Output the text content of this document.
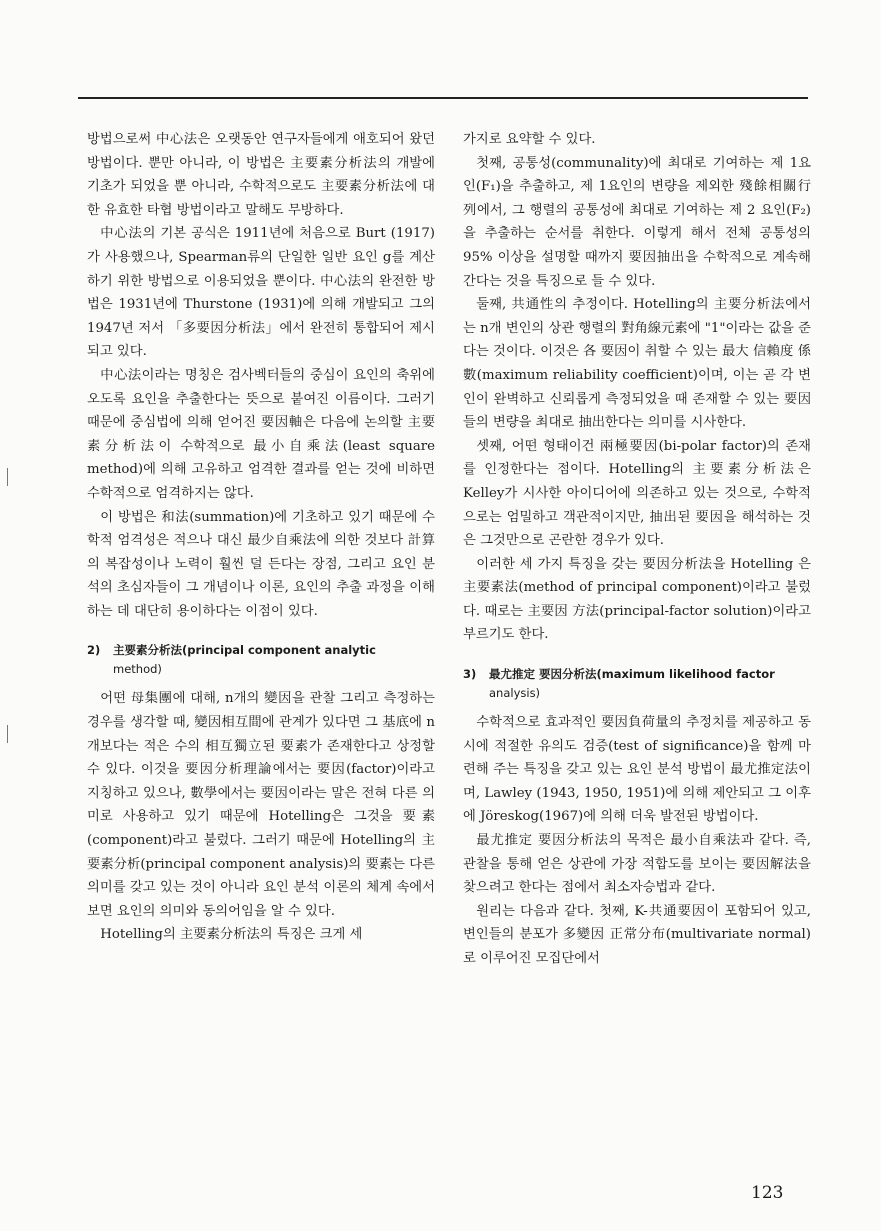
방법으로써 中心法은 오랫동안 연구자들에게 애호되어 왔던 방법이다. 뿐만 아니라, 이 방법은 主要素分析法의 개발에 기초가 되었을 뿐 아니라, 수학적으로도 主要素分析法에 대한 유효한 타협 방법이라고 말해도 무방하다.

中心法의 기본 공식은 1911년에 처음으로 Burt (1917)가 사용했으나, Spearman류의 단일한 일반 요인 g를 계산하기 위한 방법으로 이용되었을 뿐이다. 中心法의 완전한 방법은 1931년에 Thurstone (1931)에 의해 개발되고 그의 1947년 저서 「多要因分析法」에서 완전히 통합되어 제시되고 있다.

中心法이라는 명칭은 검사벡터들의 중심이 요인의 축위에 오도록 요인을 추출한다는 뜻으로 붙여진 이름이다. 그러기 때문에 중심법에 의해 얻어진 要因軸은 다음에 논의할 主要素分析法이 수학적으로 最小自乘法(least square method)에 의해 고유하고 엄격한 결과를 얻는 것에 비하면 수학적으로 엄격하지는 않다.

이 방법은 和法(summation)에 기초하고 있기 때문에 수학적 엄격성은 적으나 대신 最少自乘法에 의한 것보다 計算의 복잡성이나 노력이 훨씬 덜 든다는 장점, 그리고 요인 분석의 초심자들이 그 개념이나 이론, 요인의 추출 과정을 이해하는 데 대단히 용이하다는 이점이 있다.

2) 主要素分析法(principal component analytic
method)

어떤 母集團에 대해, n개의 變因을 관찰 그리고 측정하는 경우를 생각할 때, 變因相互間에 관계가 있다면 그 基底에 n 개보다는 적은 수의 相互獨立된 要素가 존재한다고 상정할 수 있다. 이것을 要因分析理論에서는 要因(factor)이라고 지칭하고 있으나, 數學에서는 要因이라는 말은 전혀 다른 의미로 사용하고 있기 때문에 Hotelling은 그것을 要素(component)라고 불렀다. 그러기 때문에 Hotelling의 主要素分析(principal component analysis)의 要素는 다른 의미를 갖고 있는 것이 아니라 요인 분석 이론의 체계 속에서 보면 요인의 의미와 동의어임을 알 수 있다.

Hotelling의 主要素分析法의 특징은 크게 세

가지로 요약할 수 있다.

첫째, 공통성(communality)에 최대로 기여하는 제 1요인(F₁)을 추출하고, 제 1요인의 변량을 제외한 殘餘相關行列에서, 그 행렬의 공통성에 최대로 기여하는 제 2 요인(F₂)을 추출하는 순서를 취한다. 이렇게 해서 전체 공통성의 95% 이상을 설명할 때까지 要因抽出을 수학적으로 계속해 간다는 것을 특징으로 들 수 있다.

둘째, 共通性의 추정이다. Hotelling의 主要分析法에서는 n개 변인의 상관 행렬의 對角線元素에 "1"이라는 값을 준다는 것이다. 이것은 各 要因이 취할 수 있는 最大 信賴度 係數(maximum reliability coefficient)이며, 이는 곧 각 변인이 완벽하고 신뢰롭게 측정되었을 때 존재할 수 있는 要因들의 변량을 최대로 抽出한다는 의미를 시사한다.

셋째, 어떤 형태이건 兩極要因(bi-polar factor)의 존재를 인정한다는 점이다. Hotelling의 主要素分析法은 Kelley가 시사한 아이디어에 의존하고 있는 것으로, 수학적으로는 엄밀하고 객관적이지만, 抽出된 要因을 해석하는 것은 그것만으로 곤란한 경우가 있다.

이러한 세 가지 특징을 갖는 要因分析法을 Hotelling 은 主要素法(method of principal component)이라고 불렀다. 때로는 主要因 方法(principal-factor solution)이라고 부르기도 한다.

3) 最尤推定 要因分析法(maximum likelihood factor
analysis)

수학적으로 효과적인 要因負荷量의 추정치를 제공하고 동시에 적절한 유의도 검증(test of significance)을 함께 마련해 주는 특징을 갖고 있는 요인 분석 방법이 最尤推定法이며, Lawley (1943, 1950, 1951)에 의해 제안되고 그 이후에 Jöreskog(1967)에 의해 더욱 발전된 방법이다.

最尤推定 要因分析法의 목적은 最小自乘法과 같다. 즉, 관찰을 통해 얻은 상관에 가장 적합도를 보이는 要因解法을 찾으려고 한다는 점에서 최소자승법과 같다.

원리는 다음과 같다. 첫째, K-共通要因이 포함되어 있고, 변인들의 분포가 多變因 正常分布(multivariate normal)로 이루어진 모집단에서

123
